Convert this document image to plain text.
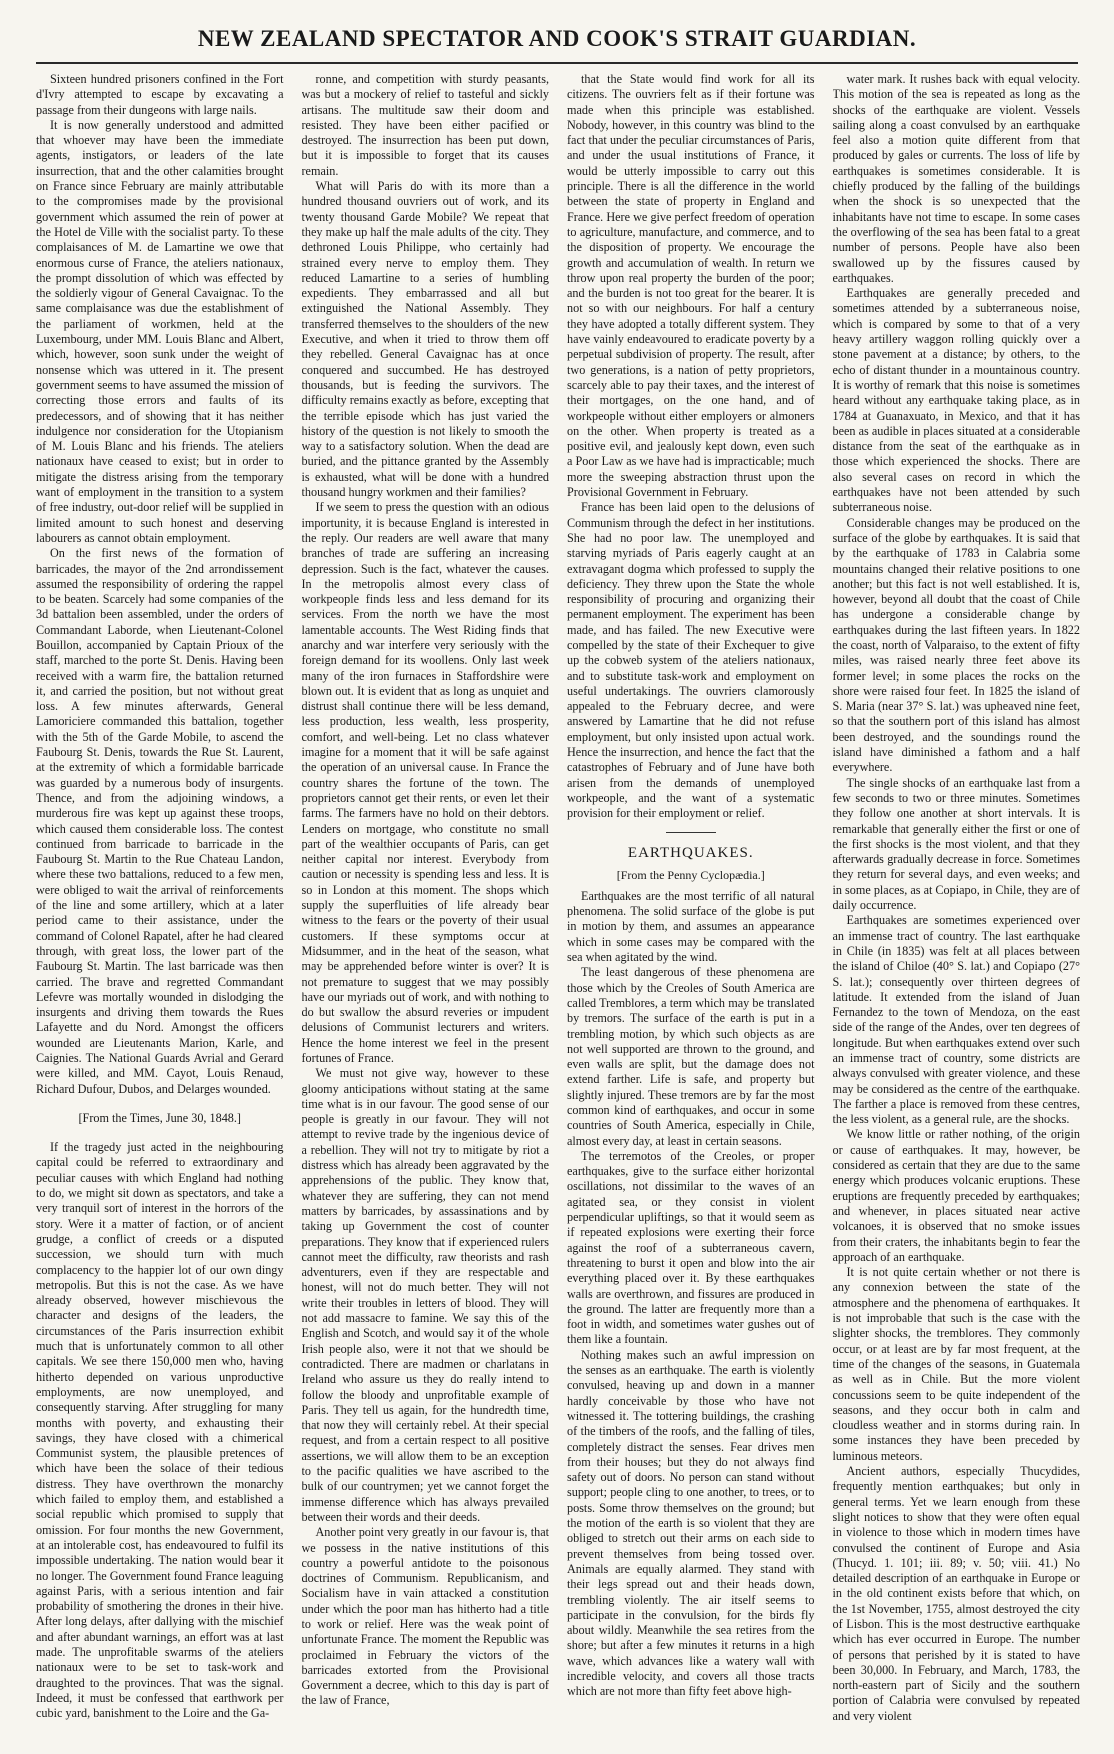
NEW ZEALAND SPECTATOR AND COOK'S STRAIT GUARDIAN.

Sixteen hundred prisoners confined in the Fort d'Ivry attempted to escape by excavating a passage from their dungeons with large nails.

It is now generally understood and admitted that whoever may have been the immediate agents, instigators, or leaders of the late insurrection, that and the other calamities brought on France since February are mainly attributable to the compromises made by the provisional government which assumed the rein of power at the Hotel de Ville with the socialist party. To these complaisances of M. de Lamartine we owe that enormous curse of France, the ateliers nationaux, the prompt dissolution of which was effected by the soldierly vigour of General Cavaignac. To the same complaisance was due the establishment of the parliament of workmen, held at the Luxembourg, under MM. Louis Blanc and Albert, which, however, soon sunk under the weight of nonsense which was uttered in it. The present government seems to have assumed the mission of correcting those errors and faults of its predecessors, and of showing that it has neither indulgence nor consideration for the Utopianism of M. Louis Blanc and his friends. The ateliers nationaux have ceased to exist; but in order to mitigate the distress arising from the temporary want of employment in the transition to a system of free industry, out-door relief will be supplied in limited amount to such honest and deserving labourers as cannot obtain employment.

On the first news of the formation of barricades, the mayor of the 2nd arrondissement assumed the responsibility of ordering the rappel to be beaten. Scarcely had some companies of the 3d battalion been assembled, under the orders of Commandant Laborde, when Lieutenant-Colonel Bouillon, accompanied by Captain Prioux of the staff, marched to the porte St. Denis. Having been received with a warm fire, the battalion returned it, and carried the position, but not without great loss. A few minutes afterwards, General Lamoriciere commanded this battalion, together with the 5th of the Garde Mobile, to ascend the Faubourg St. Denis, towards the Rue St. Laurent, at the extremity of which a formidable barricade was guarded by a numerous body of insurgents. Thence, and from the adjoining windows, a murderous fire was kept up against these troops, which caused them considerable loss. The contest continued from barricade to barricade in the Faubourg St. Martin to the Rue Chateau Landon, where these two battalions, reduced to a few men, were obliged to wait the arrival of reinforcements of the line and some artillery, which at a later period came to their assistance, under the command of Colonel Rapatel, after he had cleared through, with great loss, the lower part of the Faubourg St. Martin. The last barricade was then carried. The brave and regretted Commandant Lefevre was mortally wounded in dislodging the insurgents and driving them towards the Rues Lafayette and du Nord. Amongst the officers wounded are Lieutenants Marion, Karle, and Caignies. The National Guards Avrial and Gerard were killed, and MM. Cayot, Louis Renaud, Richard Dufour, Dubos, and Delarges wounded.

[From the Times, June 30, 1848.]

If the tragedy just acted in the neighbouring capital could be referred to extraordinary and peculiar causes with which England had nothing to do, we might sit down as spectators, and take a very tranquil sort of interest in the horrors of the story. Were it a matter of faction, or of ancient grudge, a conflict of creeds or a disputed succession, we should turn with much complacency to the happier lot of our own dingy metropolis. But this is not the case. As we have already observed, however mischievous the character and designs of the leaders, the circumstances of the Paris insurrection exhibit much that is unfortunately common to all other capitals. We see there 150,000 men who, having hitherto depended on various unproductive employments, are now unemployed, and consequently starving. After struggling for many months with poverty, and exhausting their savings, they have closed with a chimerical Communist system, the plausible pretences of which have been the solace of their tedious distress. They have overthrown the monarchy which failed to employ them, and established a social republic which promised to supply that omission. For four months the new Government, at an intolerable cost, has endeavoured to fulfil its impossible undertaking. The nation would bear it no longer. The Government found France leaguing against Paris, with a serious intention and fair probability of smothering the drones in their hive. After long delays, after dallying with the mischief and after abundant warnings, an effort was at last made. The unprofitable swarms of the ateliers nationaux were to be set to task-work and draughted to the provinces. That was the signal. Indeed, it must be confessed that earthwork per cubic yard, banishment to the Loire and the Ga-

ronne, and competition with sturdy peasants, was but a mockery of relief to tasteful and sickly artisans. The multitude saw their doom and resisted. They have been either pacified or destroyed. The insurrection has been put down, but it is impossible to forget that its causes remain.

What will Paris do with its more than a hundred thousand ouvriers out of work, and its twenty thousand Garde Mobile? We repeat that they make up half the male adults of the city. They dethroned Louis Philippe, who certainly had strained every nerve to employ them. They reduced Lamartine to a series of humbling expedients. They embarrassed and all but extinguished the National Assembly. They transferred themselves to the shoulders of the new Executive, and when it tried to throw them off they rebelled. General Cavaignac has at once conquered and succumbed. He has destroyed thousands, but is feeding the survivors. The difficulty remains exactly as before, excepting that the terrible episode which has just varied the history of the question is not likely to smooth the way to a satisfactory solution. When the dead are buried, and the pittance granted by the Assembly is exhausted, what will be done with a hundred thousand hungry workmen and their families?

If we seem to press the question with an odious importunity, it is because England is interested in the reply. Our readers are well aware that many branches of trade are suffering an increasing depression. Such is the fact, whatever the causes. In the metropolis almost every class of workpeople finds less and less demand for its services. From the north we have the most lamentable accounts. The West Riding finds that anarchy and war interfere very seriously with the foreign demand for its woollens. Only last week many of the iron furnaces in Staffordshire were blown out. It is evident that as long as unquiet and distrust shall continue there will be less demand, less production, less wealth, less prosperity, comfort, and well-being. Let no class whatever imagine for a moment that it will be safe against the operation of an universal cause. In France the country shares the fortune of the town. The proprietors cannot get their rents, or even let their farms. The farmers have no hold on their debtors. Lenders on mortgage, who constitute no small part of the wealthier occupants of Paris, can get neither capital nor interest. Everybody from caution or necessity is spending less and less. It is so in London at this moment. The shops which supply the superfluities of life already bear witness to the fears or the poverty of their usual customers. If these symptoms occur at Midsummer, and in the heat of the season, what may be apprehended before winter is over? It is not premature to suggest that we may possibly have our myriads out of work, and with nothing to do but swallow the absurd reveries or impudent delusions of Communist lecturers and writers. Hence the home interest we feel in the present fortunes of France.

We must not give way, however to these gloomy anticipations without stating at the same time what is in our favour. The good sense of our people is greatly in our favour. They will not attempt to revive trade by the ingenious device of a rebellion. They will not try to mitigate by riot a distress which has already been aggravated by the apprehensions of the public. They know that, whatever they are suffering, they can not mend matters by barricades, by assassinations and by taking up Government the cost of counter preparations. They know that if experienced rulers cannot meet the difficulty, raw theorists and rash adventurers, even if they are respectable and honest, will not do much better. They will not write their troubles in letters of blood. They will not add massacre to famine. We say this of the English and Scotch, and would say it of the whole Irish people also, were it not that we should be contradicted. There are madmen or charlatans in Ireland who assure us they do really intend to follow the bloody and unprofitable example of Paris. They tell us again, for the hundredth time, that now they will certainly rebel. At their special request, and from a certain respect to all positive assertions, we will allow them to be an exception to the pacific qualities we have ascribed to the bulk of our countrymen; yet we cannot forget the immense difference which has always prevailed between their words and their deeds.

Another point very greatly in our favour is, that we possess in the native institutions of this country a powerful antidote to the poisonous doctrines of Communism. Republicanism, and Socialism have in vain attacked a constitution under which the poor man has hitherto had a title to work or relief. Here was the weak point of unfortunate France. The moment the Republic was proclaimed in February the victors of the barricades extorted from the Provisional Government a decree, which to this day is part of the law of France,

that the State would find work for all its citizens. The ouvriers felt as if their fortune was made when this principle was established. Nobody, however, in this country was blind to the fact that under the peculiar circumstances of Paris, and under the usual institutions of France, it would be utterly impossible to carry out this principle. There is all the difference in the world between the state of property in England and France. Here we give perfect freedom of operation to agriculture, manufacture, and commerce, and to the disposition of property. We encourage the growth and accumulation of wealth. In return we throw upon real property the burden of the poor; and the burden is not too great for the bearer. It is not so with our neighbours. For half a century they have adopted a totally different system. They have vainly endeavoured to eradicate poverty by a perpetual subdivision of property. The result, after two generations, is a nation of petty proprietors, scarcely able to pay their taxes, and the interest of their mortgages, on the one hand, and of workpeople without either employers or almoners on the other. When property is treated as a positive evil, and jealously kept down, even such a Poor Law as we have had is impracticable; much more the sweeping abstraction thrust upon the Provisional Government in February.

France has been laid open to the delusions of Communism through the defect in her institutions. She had no poor law. The unemployed and starving myriads of Paris eagerly caught at an extravagant dogma which professed to supply the deficiency. They threw upon the State the whole responsibility of procuring and organizing their permanent employment. The experiment has been made, and has failed. The new Executive were compelled by the state of their Exchequer to give up the cobweb system of the ateliers nationaux, and to substitute task-work and employment on useful undertakings. The ouvriers clamorously appealed to the February decree, and were answered by Lamartine that he did not refuse employment, but only insisted upon actual work. Hence the insurrection, and hence the fact that the catastrophes of February and of June have both arisen from the demands of unemployed workpeople, and the want of a systematic provision for their employment or relief.

EARTHQUAKES.

[From the Penny Cyclopædia.]

Earthquakes are the most terrific of all natural phenomena. The solid surface of the globe is put in motion by them, and assumes an appearance which in some cases may be compared with the sea when agitated by the wind.

The least dangerous of these phenomena are those which by the Creoles of South America are called Tremblores, a term which may be translated by tremors. The surface of the earth is put in a trembling motion, by which such objects as are not well supported are thrown to the ground, and even walls are split, but the damage does not extend farther. Life is safe, and property but slightly injured. These tremors are by far the most common kind of earthquakes, and occur in some countries of South America, especially in Chile, almost every day, at least in certain seasons.

The terremotos of the Creoles, or proper earthquakes, give to the surface either horizontal oscillations, not dissimilar to the waves of an agitated sea, or they consist in violent perpendicular upliftings, so that it would seem as if repeated explosions were exerting their force against the roof of a subterraneous cavern, threatening to burst it open and blow into the air everything placed over it. By these earthquakes walls are overthrown, and fissures are produced in the ground. The latter are frequently more than a foot in width, and sometimes water gushes out of them like a fountain.

Nothing makes such an awful impression on the senses as an earthquake. The earth is violently convulsed, heaving up and down in a manner hardly conceivable by those who have not witnessed it. The tottering buildings, the crashing of the timbers of the roofs, and the falling of tiles, completely distract the senses. Fear drives men from their houses; but they do not always find safety out of doors. No person can stand without support; people cling to one another, to trees, or to posts. Some throw themselves on the ground; but the motion of the earth is so violent that they are obliged to stretch out their arms on each side to prevent themselves from being tossed over. Animals are equally alarmed. They stand with their legs spread out and their heads down, trembling violently. The air itself seems to participate in the convulsion, for the birds fly about wildly. Meanwhile the sea retires from the shore; but after a few minutes it returns in a high wave, which advances like a watery wall with incredible velocity, and covers all those tracts which are not more than fifty feet above high-

water mark. It rushes back with equal velocity. This motion of the sea is repeated as long as the shocks of the earthquake are violent. Vessels sailing along a coast convulsed by an earthquake feel also a motion quite different from that produced by gales or currents. The loss of life by earthquakes is sometimes considerable. It is chiefly produced by the falling of the buildings when the shock is so unexpected that the inhabitants have not time to escape. In some cases the overflowing of the sea has been fatal to a great number of persons. People have also been swallowed up by the fissures caused by earthquakes.

Earthquakes are generally preceded and sometimes attended by a subterraneous noise, which is compared by some to that of a very heavy artillery waggon rolling quickly over a stone pavement at a distance; by others, to the echo of distant thunder in a mountainous country. It is worthy of remark that this noise is sometimes heard without any earthquake taking place, as in 1784 at Guanaxuato, in Mexico, and that it has been as audible in places situated at a considerable distance from the seat of the earthquake as in those which experienced the shocks. There are also several cases on record in which the earthquakes have not been attended by such subterraneous noise.

Considerable changes may be produced on the surface of the globe by earthquakes. It is said that by the earthquake of 1783 in Calabria some mountains changed their relative positions to one another; but this fact is not well established. It is, however, beyond all doubt that the coast of Chile has undergone a considerable change by earthquakes during the last fifteen years. In 1822 the coast, north of Valparaiso, to the extent of fifty miles, was raised nearly three feet above its former level; in some places the rocks on the shore were raised four feet. In 1825 the island of S. Maria (near 37° S. lat.) was upheaved nine feet, so that the southern port of this island has almost been destroyed, and the soundings round the island have diminished a fathom and a half everywhere.

The single shocks of an earthquake last from a few seconds to two or three minutes. Sometimes they follow one another at short intervals. It is remarkable that generally either the first or one of the first shocks is the most violent, and that they afterwards gradually decrease in force. Sometimes they return for several days, and even weeks; and in some places, as at Copiapo, in Chile, they are of daily occurrence.

Earthquakes are sometimes experienced over an immense tract of country. The last earthquake in Chile (in 1835) was felt at all places between the island of Chiloe (40° S. lat.) and Copiapo (27° S. lat.); consequently over thirteen degrees of latitude. It extended from the island of Juan Fernandez to the town of Mendoza, on the east side of the range of the Andes, over ten degrees of longitude. But when earthquakes extend over such an immense tract of country, some districts are always convulsed with greater violence, and these may be considered as the centre of the earthquake. The farther a place is removed from these centres, the less violent, as a general rule, are the shocks.

We know little or rather nothing, of the origin or cause of earthquakes. It may, however, be considered as certain that they are due to the same energy which produces volcanic eruptions. These eruptions are frequently preceded by earthquakes; and whenever, in places situated near active volcanoes, it is observed that no smoke issues from their craters, the inhabitants begin to fear the approach of an earthquake.

It is not quite certain whether or not there is any connexion between the state of the atmosphere and the phenomena of earthquakes. It is not improbable that such is the case with the slighter shocks, the tremblores. They commonly occur, or at least are by far most frequent, at the time of the changes of the seasons, in Guatemala as well as in Chile. But the more violent concussions seem to be quite independent of the seasons, and they occur both in calm and cloudless weather and in storms during rain. In some instances they have been preceded by luminous meteors.

Ancient authors, especially Thucydides, frequently mention earthquakes; but only in general terms. Yet we learn enough from these slight notices to show that they were often equal in violence to those which in modern times have convulsed the continent of Europe and Asia (Thucyd. 1. 101; iii. 89; v. 50; viii. 41.) No detailed description of an earthquake in Europe or in the old continent exists before that which, on the 1st November, 1755, almost destroyed the city of Lisbon. This is the most destructive earthquake which has ever occurred in Europe. The number of persons that perished by it is stated to have been 30,000. In February, and March, 1783, the north-eastern part of Sicily and the southern portion of Calabria were convulsed by repeated and very violent
